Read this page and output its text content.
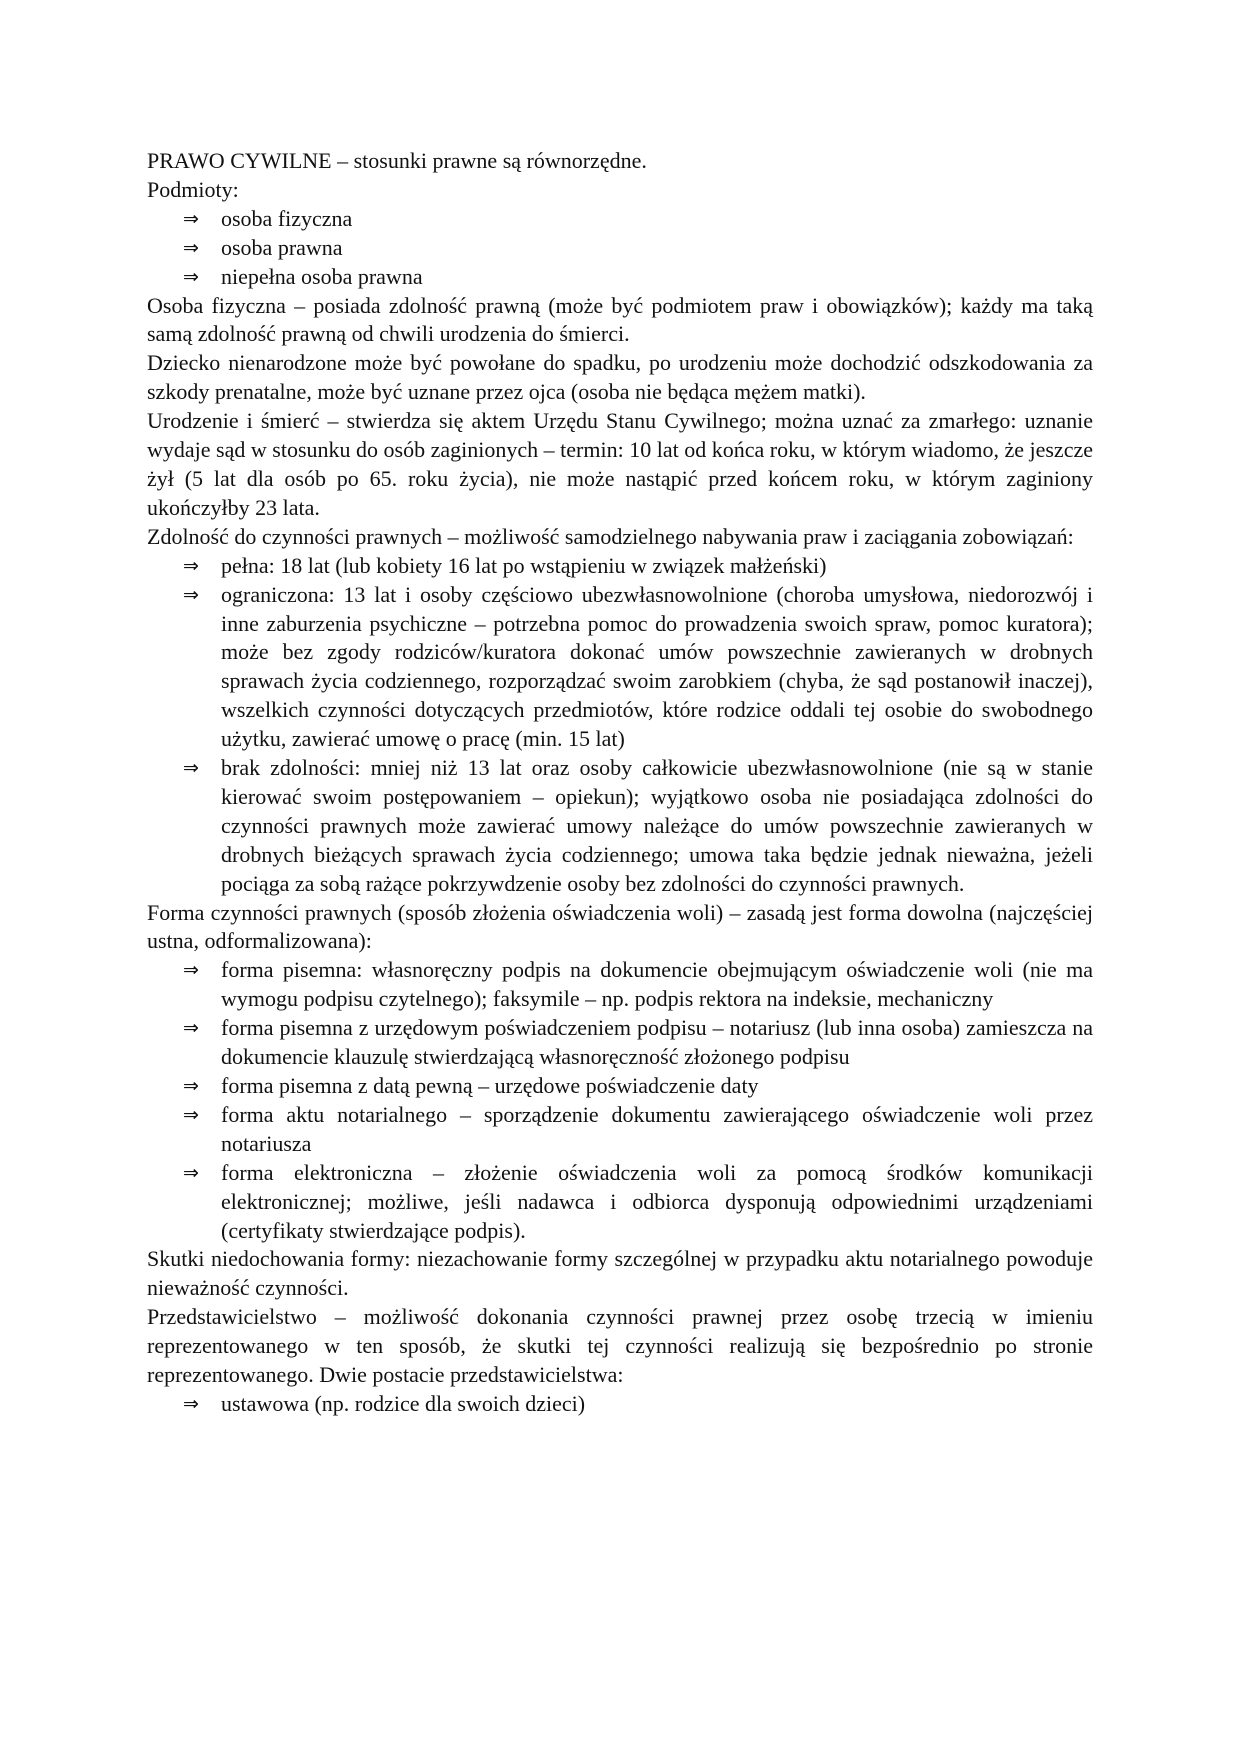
PRAWO CYWILNE – stosunki prawne są równorzędne.

Podmioty:

⇒	osoba fizyczna
⇒	osoba prawna
⇒	niepełna osoba prawna

Osoba fizyczna – posiada zdolność prawną (może być podmiotem praw i obowiązków); każdy ma taką samą zdolność prawną od chwili urodzenia do śmierci.

Dziecko nienarodzone może być powołane do spadku, po urodzeniu może dochodzić odszkodowania za szkody prenatalne, może być uznane przez ojca (osoba nie będąca mężem matki).

Urodzenie i śmierć – stwierdza się aktem Urzędu Stanu Cywilnego; można uznać za zmarłego: uznanie wydaje sąd w stosunku do osób zaginionych – termin: 10 lat od końca roku, w którym wiadomo, że jeszcze żył (5 lat dla osób po 65. roku życia), nie może nastąpić przed końcem roku, w którym zaginiony ukończyłby 23 lata.

Zdolność do czynności prawnych – możliwość samodzielnego nabywania praw i zaciągania zobowiązań:

⇒	pełna: 18 lat (lub kobiety 16 lat po wstąpieniu w związek małżeński)
⇒	ograniczona: 13 lat i osoby częściowo ubezwłasnowolnione (choroba umysłowa, niedorozwój i inne zaburzenia psychiczne – potrzebna pomoc do prowadzenia swoich spraw, pomoc kuratora); może bez zgody rodziców/kuratora dokonać umów powszechnie zawieranych w drobnych sprawach życia codziennego, rozporządzać swoim zarobkiem (chyba, że sąd postanowił inaczej), wszelkich czynności dotyczących przedmiotów, które rodzice oddali tej osobie do swobodnego użytku, zawierać umowę o pracę (min. 15 lat)
⇒	brak zdolności: mniej niż 13 lat oraz osoby całkowicie ubezwłasnowolnione (nie są w stanie kierować swoim postępowaniem – opiekun); wyjątkowo osoba nie posiadająca zdolności do czynności prawnych może zawierać umowy należące do umów powszechnie zawieranych w drobnych bieżących sprawach życia codziennego; umowa taka będzie jednak nieważna, jeżeli pociąga za sobą rażące pokrzywdzenie osoby bez zdolności do czynności prawnych.

Forma czynności prawnych (sposób złożenia oświadczenia woli) – zasadą jest forma dowolna (najczęściej ustna, odformalizowana):

⇒	forma pisemna: własnoręczny podpis na dokumencie obejmującym oświadczenie woli (nie ma wymogu podpisu czytelnego); faksymile – np. podpis rektora na indeksie, mechaniczny
⇒	forma pisemna z urzędowym poświadczeniem podpisu – notariusz (lub inna osoba) zamieszcza na dokumencie klauzulę stwierdzającą własnoręczność złożonego podpisu
⇒	forma pisemna z datą pewną – urzędowe poświadczenie daty
⇒	forma aktu notarialnego – sporządzenie dokumentu zawierającego oświadczenie woli przez notariusza
⇒	forma elektroniczna – złożenie oświadczenia woli za pomocą środków komunikacji elektronicznej; możliwe, jeśli nadawca i odbiorca dysponują odpowiednimi urządzeniami (certyfikaty stwierdzające podpis).

Skutki niedochowania formy: niezachowanie formy szczególnej w przypadku aktu notarialnego powoduje nieważność czynności.

Przedstawicielstwo – możliwość dokonania czynności prawnej przez osobę trzecią w imieniu reprezentowanego w ten sposób, że skutki tej czynności realizują się bezpośrednio po stronie reprezentowanego. Dwie postacie przedstawicielstwa:

⇒	ustawowa (np. rodzice dla swoich dzieci)
